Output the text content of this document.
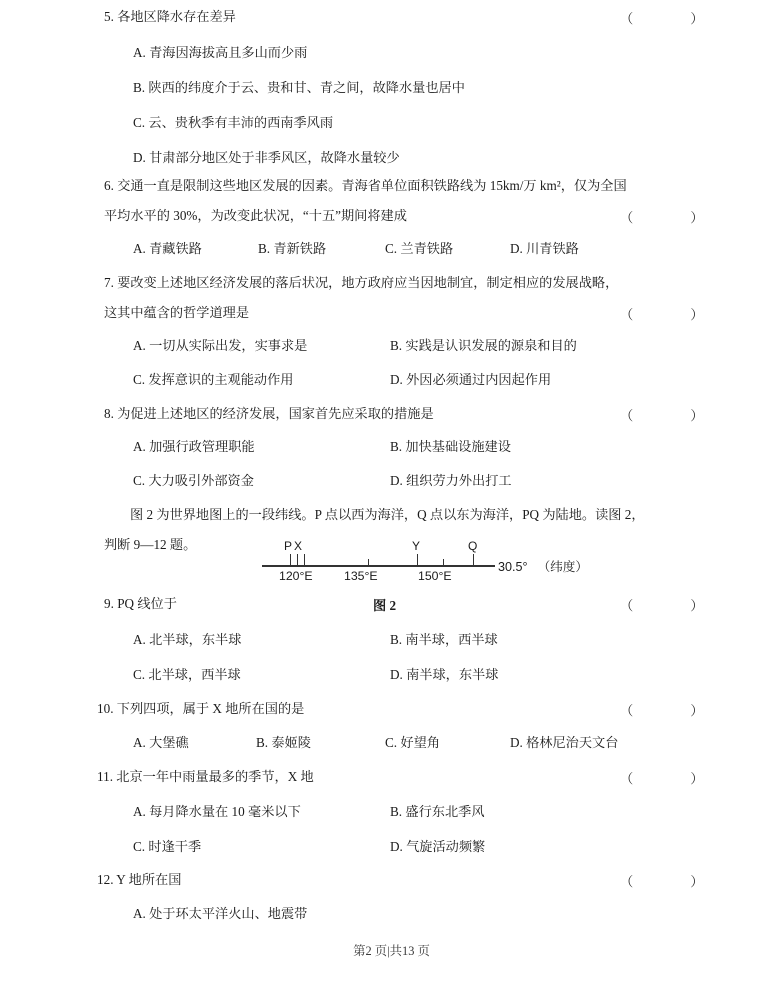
5. 各地区降水存在差异	（　）
A. 青海因海拔高且多山而少雨
B. 陕西的纬度介于云、贵和甘、青之间，故降水量也居中
C. 云、贵秋季有丰沛的西南季风雨
D. 甘肃部分地区处于非季风区，故降水量较少
6. 交通一直是限制这些地区发展的因素。青海省单位面积铁路线为 15km/万 km²，仅为全国
平均水平的 30%，为改变此状况，“十五”期间将建成	（　）
A. 青藏铁路	B. 青新铁路	C. 兰青铁路	D. 川青铁路
7. 要改变上述地区经济发展的落后状况，地方政府应当因地制宜，制定相应的发展战略，
这其中蕴含的哲学道理是	（　）
A. 一切从实际出发，实事求是	B. 实践是认识发展的源泉和目的
C. 发挥意识的主观能动作用	D. 外因必须通过内因起作用
8. 为促进上述地区的经济发展，国家首先应采取的措施是	（　）
A. 加强行政管理职能	B. 加快基础设施建设
C. 大力吸引外部资金	D. 组织劳力外出打工
图 2 为世界地图上的一段纬线。P 点以西为海洋，Q 点以东为海洋，PQ 为陆地。读图 2，
判断 9—12 题。	P X	Y	Q
120°E	135°E	150°E
30.5° （纬度）
图 2
9. PQ 线位于	（　）
A. 北半球，东半球	B. 南半球，西半球
C. 北半球，西半球	D. 南半球，东半球
10. 下列四项，属于 X 地所在国的是	（　）
A. 大堡礁	B. 泰姬陵	C. 好望角	D. 格林尼治天文台
11. 北京一年中雨量最多的季节，X 地	（　）
A. 每月降水量在 10 毫米以下	B. 盛行东北季风
C. 时逢干季	D. 气旋活动频繁
12. Y 地所在国	（　）
A. 处于环太平洋火山、地震带
第2 页|共13 页
